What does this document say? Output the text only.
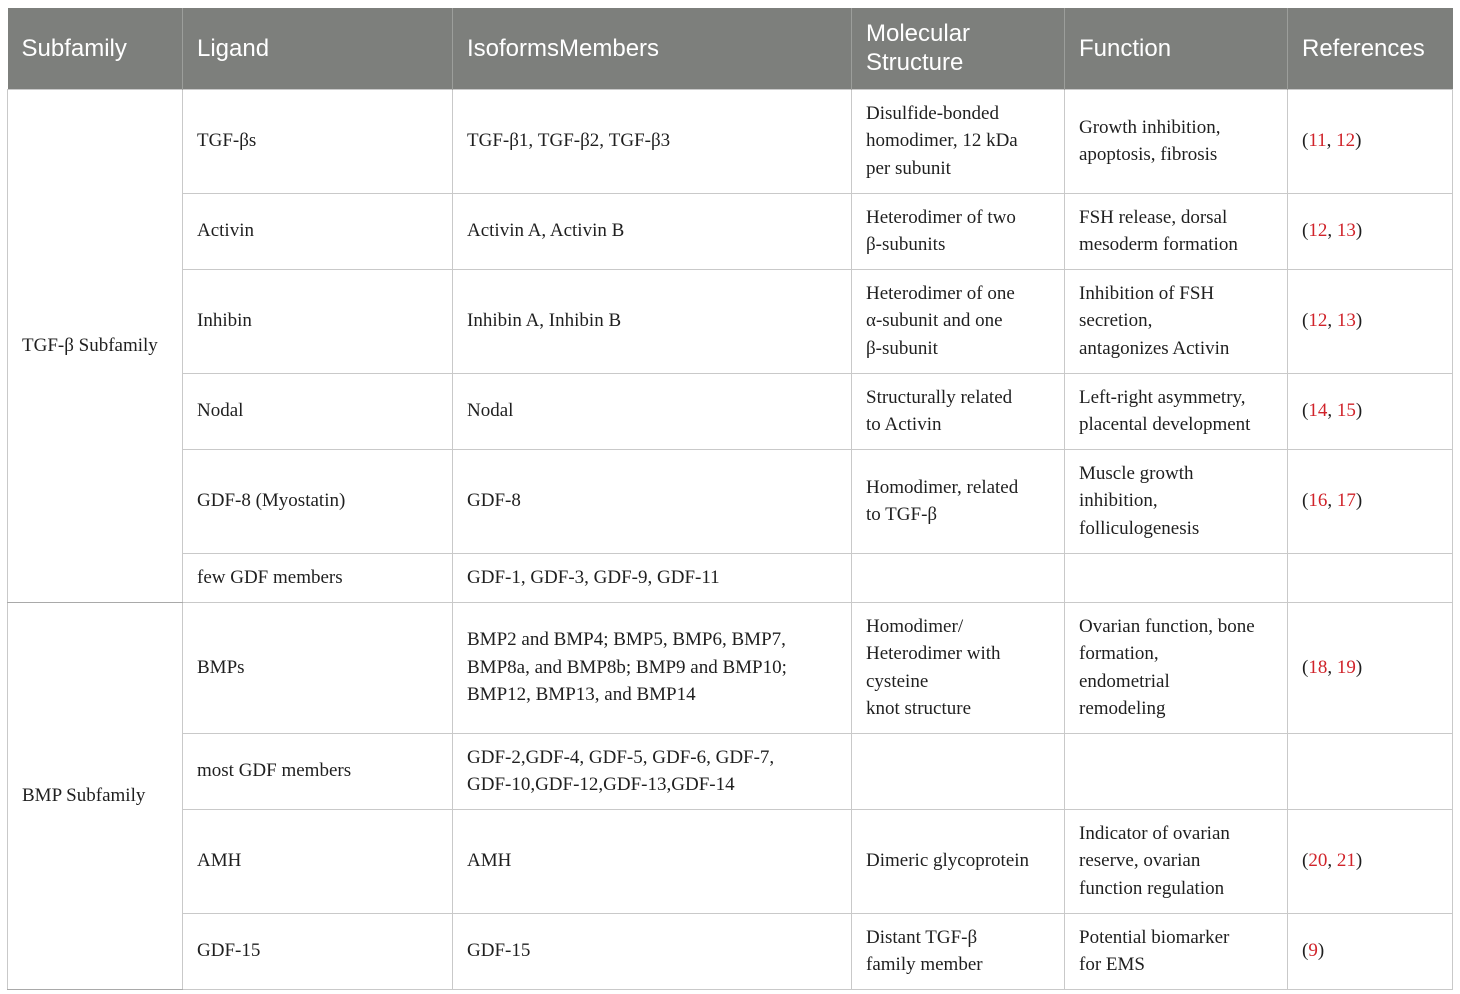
Subfamily	Ligand	IsoformsMembers	Molecular
Structure	Function	References
TGF-β Subfamily	TGF-βs	TGF-β1, TGF-β2, TGF-β3	Disulfide-bonded
homodimer, 12 kDa
per subunit	Growth inhibition,
apoptosis, fibrosis	(11, 12)
	Activin	Activin A, Activin B	Heterodimer of two
β-subunits	FSH release, dorsal
mesoderm formation	(12, 13)
	Inhibin	Inhibin A, Inhibin B	Heterodimer of one
α-subunit and one
β-subunit	Inhibition of FSH
secretion,
antagonizes Activin	(12, 13)
	Nodal	Nodal	Structurally related
to Activin	Left-right asymmetry,
placental development	(14, 15)
	GDF-8 (Myostatin)	GDF-8	Homodimer, related
to TGF-β	Muscle growth
inhibition,
folliculogenesis	(16, 17)
	few GDF members	GDF-1, GDF-3, GDF-9, GDF-11			

BMP Subfamily	BMPs	BMP2 and BMP4; BMP5, BMP6, BMP7,
BMP8a, and BMP8b; BMP9 and BMP10;
BMP12, BMP13, and BMP14	Homodimer/
Heterodimer with
cysteine
knot structure	Ovarian function, bone
formation,
endometrial
remodeling	(18, 19)
	most GDF members	GDF-2,GDF-4, GDF-5, GDF-6, GDF-7,
GDF-10,GDF-12,GDF-13,GDF-14			

	AMH	AMH	Dimeric glycoprotein	Indicator of ovarian
reserve, ovarian
function regulation	(20, 21)
	GDF-15	GDF-15	Distant TGF-β
family member	Potential biomarker
for EMS	(9)
